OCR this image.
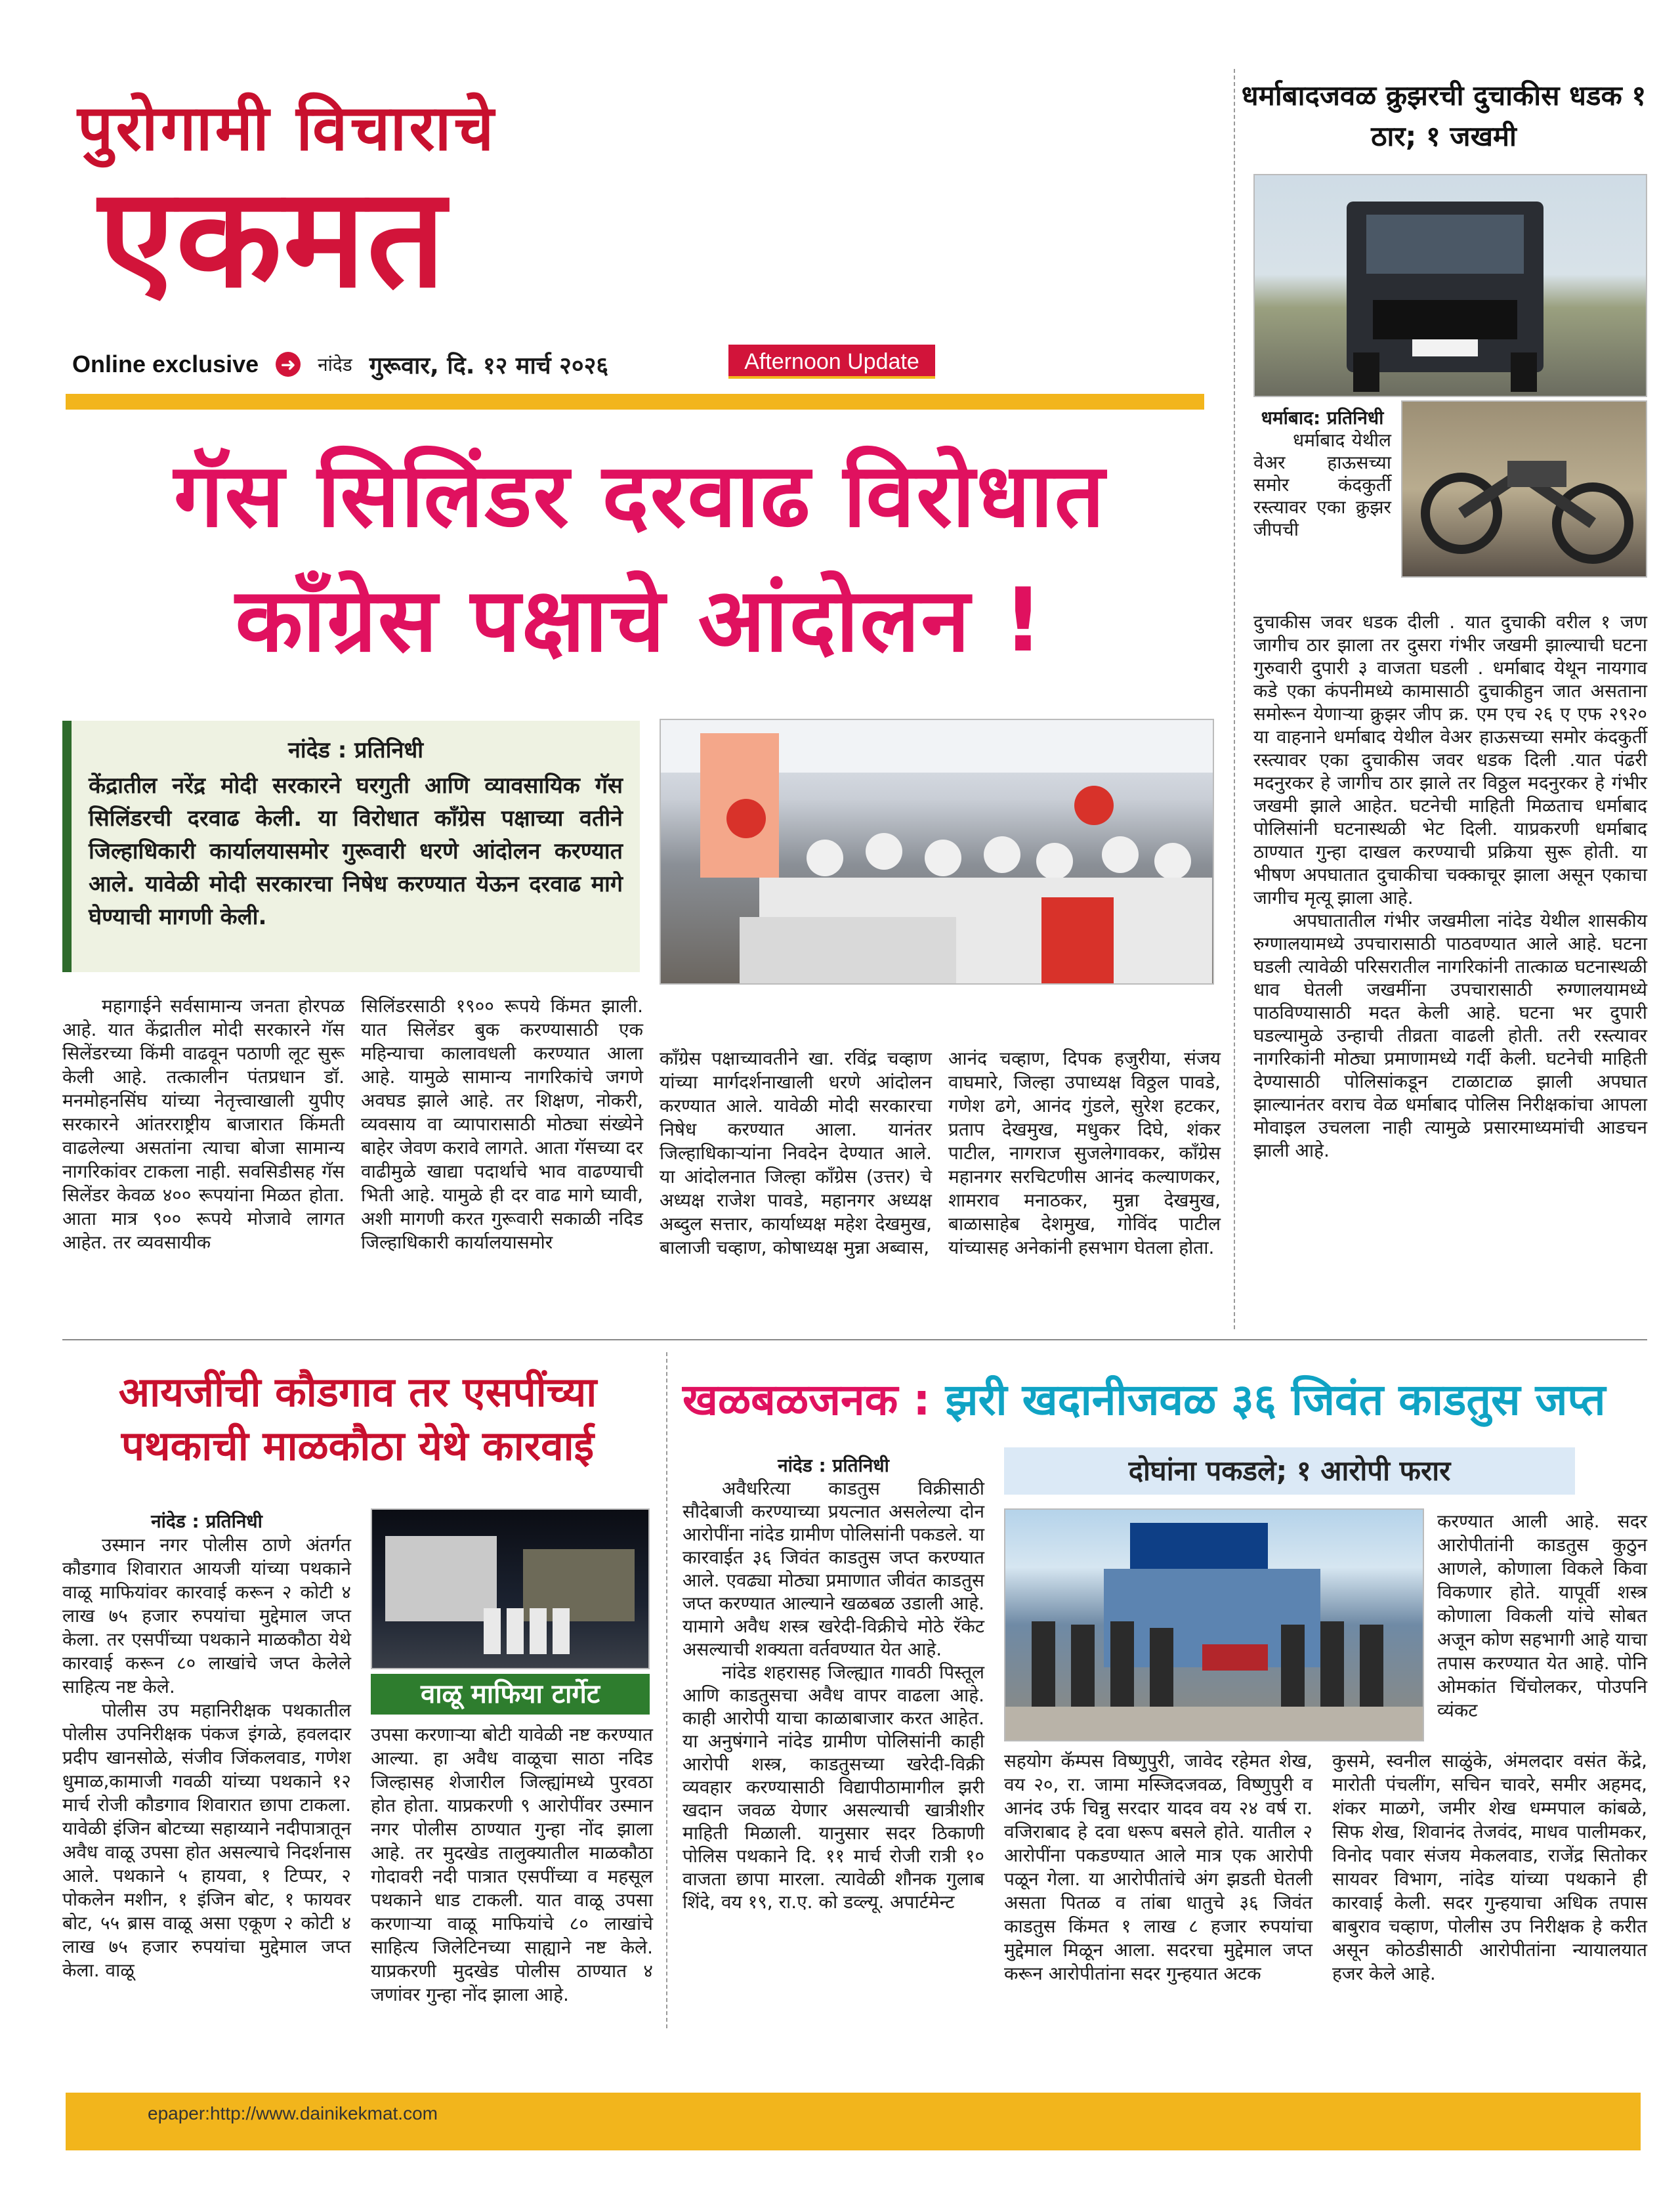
पुरोगामी विचाराचे
एकमत
Online exclusive ➜ नांदेड गुरूवार, दि. १२ मार्च २०२६	Afternoon Update
गॅस सिलिंडर दरवाढ विरोधात
कॉंग्रेस पक्षाचे आंदोलन !
नांदेड : प्रतिनिधी
केंद्रातील नरेंद्र मोदी सरकारने घरगुती आणि व्यावसायिक गॅस सिलिंडरची दरवाढ केली. या विरोधात कॉंग्रेस पक्षाच्या वतीने जिल्हाधिकारी कार्यालयासमोर गुरूवारी धरणे आंदोलन करण्यात आले. यावेळी मोदी सरकारचा निषेध करण्यात येऊन दरवाढ मागे घेण्याची मागणी केली.

महागाईने सर्वसामान्य जनता होरपळ आहे. यात केंद्रातील मोदी सरकारने गॅस सिलेंडरच्या किंमी वाढवून पठाणी लूट सुरू केली आहे. तत्कालीन पंतप्रधान डॉ. मनमोहनसिंघ यांच्या नेतृत्त्वाखाली युपीए सरकारने आंतरराष्ट्रीय बाजारात किंमती वाढलेल्या असतांना त्याचा बोजा सामान्य नागरिकांवर टाकला नाही. सवसिडीसह गॅस सिलेंडर केवळ ४०० रूपयांना मिळत होता. आता मात्र ९०० रूपये मोजावे लागत आहेत. तर व्यवसायीक

सिलिंडरसाठी १९०० रूपये किंमत झाली. यात सिलेंडर बुक करण्यासाठी एक महिन्याचा कालावधली करण्यात आला आहे. यामुळे सामान्य नागरिकांचे जगणे अवघड झाले आहे. तर शिक्षण, नोकरी, व्यवसाय वा व्यापारासाठी मोठ्या संख्येने बाहेर जेवण करावे लागते. आता गॅसच्या दर वाढीमुळे खाद्या पदार्थाचे भाव वाढण्याची भिती आहे. यामुळे ही दर वाढ मागे घ्यावी, अशी मागणी करत गुरूवारी सकाळी नदिड जिल्हाधिकारी कार्यालयासमोर

कॉंग्रेस पक्षाच्यावतीने खा. रविंद्र चव्हाण यांच्या मार्गदर्शनाखाली धरणे आंदोलन करण्यात आले. यावेळी मोदी सरकारचा निषेध करण्यात आला. यानंतर जिल्हाधिकाऱ्यांना निवदेन देण्यात आले. या आंदोलनात जिल्हा कॉंग्रेस (उत्तर) चे अध्यक्ष राजेश पावडे, महानगर अध्यक्ष अब्दुल सत्तार, कार्याध्यक्ष महेश देखमुख, बालाजी चव्हाण, कोषाध्यक्ष मुन्ना अब्वास,

आनंद चव्हाण, दिपक हजुरीया, संजय वाघमारे, जिल्हा उपाध्यक्ष विठ्ठल पावडे, गणेश ढगे, आनंद गुंडले, सुरेश हटकर, प्रताप देखमुख, मधुकर दिघे, शंकर पाटील, नागराज सुजलेगावकर, कॉंग्रेस महानगर सरचिटणीस आनंद कल्याणकर, शामराव मनाठकर, मुन्ना देखमुख, बाळासाहेब देशमुख, गोविंद पाटील यांच्यासह अनेकांनी हसभाग घेतला होता.

धर्माबादजवळ क्रुझरची दुचाकीस धडक १ ठार; १ जखमी
धर्माबाद: प्रतिनिधी

धर्माबाद येथील वेअर हाऊसच्या समोर कंदकुर्ती रस्त्यावर एका क्रुझर जीपची

दुचाकीस जवर धडक दीली . यात दुचाकी वरील १ जण जागीच ठार झाला तर दुसरा गंभीर जखमी झाल्याची घटना गुरुवारी दुपारी ३ वाजता घडली . धर्माबाद येथून नायगाव कडे एका कंपनीमध्ये कामासाठी दुचाकीहुन जात असताना समोरून येणाऱ्या क्रुझर जीप क्र. एम एच २६ ए एफ २९२० या वाहनाने धर्माबाद येथील वेअर हाऊसच्या समोर कंदकुर्ती रस्त्यावर एका दुचाकीस जवर धडक दिली .यात पंढरी मदनुरकर हे जागीच ठार झाले तर विठ्ठल मदनुरकर हे गंभीर जखमी झाले आहेत. घटनेची माहिती मिळताच धर्माबाद पोलिसांनी घटनास्थळी भेट दिली. याप्रकरणी धर्माबाद ठाण्यात गुन्हा दाखल करण्याची प्रक्रिया सुरू होती. या भीषण अपघातात दुचाकीचा चक्काचूर झाला असून एकाचा जागीच मृत्यू झाला आहे.

अपघातातील गंभीर जखमीला नांदेड येथील शासकीय रुग्णालयामध्ये उपचारासाठी पाठवण्यात आले आहे. घटना घडली त्यावेळी परिसरातील नागरिकांनी तात्काळ घटनास्थळी धाव घेतली जखमींना उपचारासाठी रुग्णालयामध्ये पाठविण्यासाठी मदत केली आहे. घटना भर दुपारी घडल्यामुळे उन्हाची तीव्रता वाढली होती. तरी रस्त्यावर नागरिकांनी मोठ्या प्रमाणामध्ये गर्दी केली. घटनेची माहिती देण्यासाठी पोलिसांकडून टाळाटाळ झाली अपघात झाल्यानंतर वराच वेळ धर्माबाद पोलिस निरीक्षकांचा आपला मोवाइल उचलला नाही त्यामुळे प्रसारमाध्यमांची आडचन झाली आहे.

आयजींची कौडगाव तर एसपींच्या
पथकाची माळकौठा येथे कारवाई
नांदेड : प्रतिनिधी

उस्मान नगर पोलीस ठाणे अंतर्गत कौडगाव शिवारात आयजी यांच्या पथकाने वाळू माफियांवर कारवाई करून २ कोटी ४ लाख ७५ हजार रुपयांचा मुद्देमाल जप्त केला. तर एसपींच्या पथकाने माळकौठा येथे कारवाई करून ८० लाखांचे जप्त केलेले साहित्य नष्ट केले.

पोलीस उप महानिरीक्षक पथकातील पोलीस उपनिरीक्षक पंकज इंगळे, हवलदार प्रदीप खानसोळे, संजीव जिंकलवाड, गणेश धुमाळ,कामाजी गवळी यांच्या पथकाने १२ मार्च रोजी कौडगाव शिवारात छापा टाकला. यावेळी इंजिन बोटच्या सहाय्याने नदीपात्रातून अवैध वाळू उपसा होत असल्याचे निदर्शनास आले. पथकाने ५ हायवा, १ टिप्पर, २ पोकलेन मशीन, १ इंजिन बोट, १ फायवर बोट, ५५ ब्रास वाळू असा एकूण २ कोटी ४ लाख ७५ हजार रुपयांचा मुद्देमाल जप्त केला. वाळू

वाळू माफिया टार्गेट

उपसा करणाऱ्या बोटी यावेळी नष्ट करण्यात आल्या. हा अवैध वाळूचा साठा नदिड जिल्हासह शेजारील जिल्ह्यांमध्ये पुरवठा होत होता. याप्रकरणी ९ आरोपींवर उस्मान नगर पोलीस ठाण्यात गुन्हा नोंद झाला आहे. तर मुदखेड तालुक्यातील माळकौठा गोदावरी नदी पात्रात एसपींच्या व महसूल पथकाने धाड टाकली. यात वाळू उपसा करणाऱ्या वाळू माफियांचे ८० लाखांचे साहित्य जिलेटिनच्या साह्याने नष्ट केले. याप्रकरणी मुदखेड पोलीस ठाण्यात ४ जणांवर गुन्हा नोंद झाला आहे.

खळबळजनक : झरी खदानीजवळ ३६ जिवंत काडतुस जप्त
दोघांना पकडले; १ आरोपी फरार
नांदेड : प्रतिनिधी

अवैधरित्या काडतुस विक्रीसाठी सौदेबाजी करण्याच्या प्रयत्नात असलेल्या दोन आरोपींना नांदेड ग्रामीण पोलिसांनी पकडले. या कारवाईत ३६ जिवंत काडतुस जप्त करण्यात आले. एवढ्या मोठ्या प्रमाणात जीवंत काडतुस जप्त करण्यात आल्याने खळबळ उडाली आहे. यामागे अवैध शस्त्र खरेदी-विक्रीचे मोठे रॅकेट असल्याची शक्यता वर्तवण्यात येत आहे.

नांदेड शहरासह जिल्ह्यात गावठी पिस्तूल आणि काडतुसचा अवैध वापर वाढला आहे. काही आरोपी याचा काळाबाजार करत आहेत. या अनुषंगाने नांदेड ग्रामीण पोलिसांनी काही आरोपी शस्त्र, काडतुसच्या खरेदी-विक्री व्यवहार करण्यासाठी विद्यापीठामागील झरी खदान जवळ येणार असल्याची खात्रीशीर माहिती मिळाली. यानुसार सदर ठिकाणी पोलिस पथकाने दि. ११ मार्च रोजी रात्री १० वाजता छापा मारला. त्यावेळी शौनक गुलाब शिंदे, वय १९, रा.ए. को डव्ल्यू. अपार्टमेन्ट

करण्यात आली आहे. सदर आरोपीतांनी काडतुस कुठुन आणले, कोणाला विकले किवा विकणार होते. यापूर्वी शस्त्र कोणाला विकली यांचे सोबत अजून कोण सहभागी आहे याचा तपास करण्यात येत आहे. पोनि ओमकांत चिंचोलकर, पोउपनि व्यंकट

सहयोग कॅम्पस विष्णुपुरी, जावेद रहेमत शेख, वय २०, रा. जामा मस्जिदजवळ, विष्णुपुरी व आनंद उर्फ चिन्नु सरदार यादव वय २४ वर्ष रा. वजिराबाद हे दवा धरूप बसले होते. यातील २ आरोपींना पकडण्यात आले मात्र एक आरोपी पळून गेला. या आरोपीतांचे अंग झडती घेतली असता पितळ व तांबा धातुचे ३६ जिवंत काडतुस किंमत १ लाख ८ हजार रुपयांचा मुद्देमाल मिळून आला. सदरचा मुद्देमाल जप्त करून आरोपीतांना सदर गुन्हयात अटक

कुसमे, स्वनील साळुंके, अंमलदार वसंत केंद्रे, मारोती पंचलींग, सचिन चावरे, समीर अहमद, शंकर माळगे, जमीर शेख धम्मपाल कांबळे, सिफ शेख, शिवानंद तेजवंद, माधव पालीमकर, विनोद पवार संजय मेकलवाड, राजेंद्र सितोकर सायवर विभाग, नांदेड यांच्या पथकाने ही कारवाई केली. सदर गुन्हयाचा अधिक तपास बाबुराव चव्हाण, पोलीस उप निरीक्षक हे करीत असून कोठडीसाठी आरोपीतांना न्यायालयात हजर केले आहे.

epaper:http://www.dainikekmat.com
